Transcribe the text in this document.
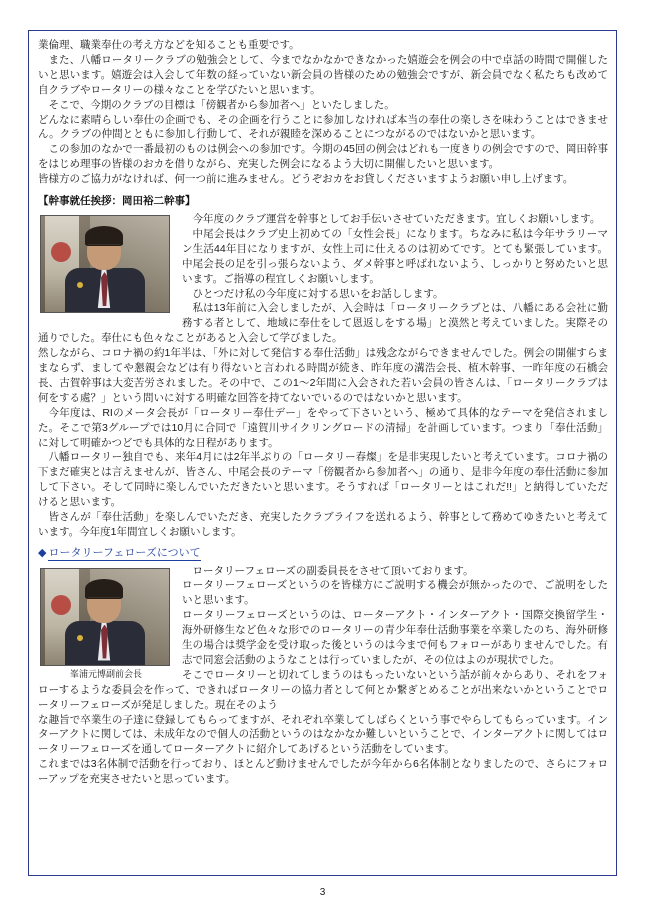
業倫理、職業奉仕の考え方などを知ることも重要です。

また、八幡ロータリークラブの勉強会として、今までなかなかできなかった嬉遊会を例会の中で卓話の時間で開催したいと思います。嬉遊会は入会して年数の経っていない新会員の皆様のための勉強会ですが、新会員でなく私たちも改めて自クラブやロータリーの様々なことを学びたいと思います。

そこで、今期のクラブの目標は「傍観者から参加者へ」といたしました。

どんなに素晴らしい奉仕の企画でも、その企画を行うことに参加しなければ本当の奉仕の楽しさを味わうことはできません。クラブの仲間とともに参加し行動して、それが親睦を深めることにつながるのではないかと思います。

この参加のなかで一番最初のものは例会への参加です。今期の45回の例会はどれも一度きりの例会ですので、岡田幹事をはじめ理事の皆様のおカを借りながら、充実した例会になるよう大切に開催したいと思います。

皆様方のご協力がなければ、何一つ前に進みません。どうぞおカをお貸しくださいますようお願い申し上げます。

【幹事就任挨拶：岡田裕二幹事】

今年度のクラブ運営を幹事としてお手伝いさせていただきます。宜しくお願いします。

中尾会長はクラブ史上初めての「女性会長」になります。ちなみに私は今年サラリーマン生活44年目になりますが、女性上司に仕えるのは初めてです。とても緊張しています。中尾会長の足を引っ張らないよう、ダメ幹事と呼ばれないよう、しっかりと努めたいと思います。ご指導の程宜しくお願いします。

ひとつだけ私の今年度に対する思いをお話しします。

私は13年前に入会しましたが、入会時は「ロータリークラブとは、八幡にある会社に勤務する者として、地域に奉仕をして恩返しをする場」と漠然と考えていました。実際その通りでした。奉仕にも色々なことがあると入会して学びました。

然しながら、コロナ禍の約1年半は、「外に対して発信する奉仕活動」は残念ながらできませんでした。例会の開催すらままならず、ましてや懇親会などは有り得ないと言われる時間が続き、昨年度の溝浩会長、植木幹事、一昨年度の石橋会長、古賀幹事は大変苦労されました。その中で、この1～2年間に入会された若い会員の皆さんは、「ロータリークラブは何をする處？」という問いに対する明確な回答を持てないでいるのではないかと思います。

今年度は、RIのメータ会長が「ロータリー奉仕デー」をやって下さいという、極めて具体的なテーマを発信されました。そこで第3グループでは10月に合同で「遠賀川サイクリングロードの清掃」を計画しています。つまり「奉仕活動」に対して明確かつどでも具体的な日程があります。

八幡ロータリー独自でも、来年4月には2年半ぶりの「ロータリー春燦」を是非実現したいと考えています。コロナ禍の下まだ確実とは言えませんが、皆さん、中尾会長のテーマ「傍観者から参加者へ」の通り、是非今年度の奉仕活動に参加して下さい。そして同時に楽しんでいただきたいと思います。そうすれば「ロータリーとはこれだ!!」と納得していただけると思います。

皆さんが「奉仕活動」を楽しんでいただき、充実したクラブライフを送れるよう、幹事として務めてゆきたいと考えています。今年度1年間宜しくお願いします。

◆ ロータリーフェローズについて
峯浦元博副前会長

ロータリーフェローズの副委員長をさせて頂いております。

ロータリーフェローズというのを皆様方にご説明する機会が無かったので、ご説明をしたいと思います。

ロータリーフェローズというのは、ローターアクト・インターアクト・国際交換留学生・海外研修生など色々な形でのロータリーの青少年奉仕活動事業を卒業したのち、海外研修生の場合は奨学金を受け取った後というのは今まで何もフォローがありませんでした。有志で同窓会活動のようなことは行っていましたが、その位はよのが現状でした。

そこでロータリーと切れてしまうのはもったいないという話が前々からあり、それをフォローするような委員会を作って、できればロータリーの協力者として何とか繋ぎとめることが出来ないかということでロータリーフェローズが発足しました。現在そのよう

な趣旨で卒業生の子達に登録してもらってますが、それぞれ卒業してしばらくという事でやらしてもらっています。インターアクトに関しては、未成年なので個人の活動というのはなかなか難しいということで、インターアクトに関してはロータリーフェローズを通してローターアクトに紹介してあげるという活動をしています。

これまでは3名体制で活動を行っており、ほとんど動けませんでしたが今年から6名体制となりましたので、さらにフォローアップを充実させたいと思っています。

3
